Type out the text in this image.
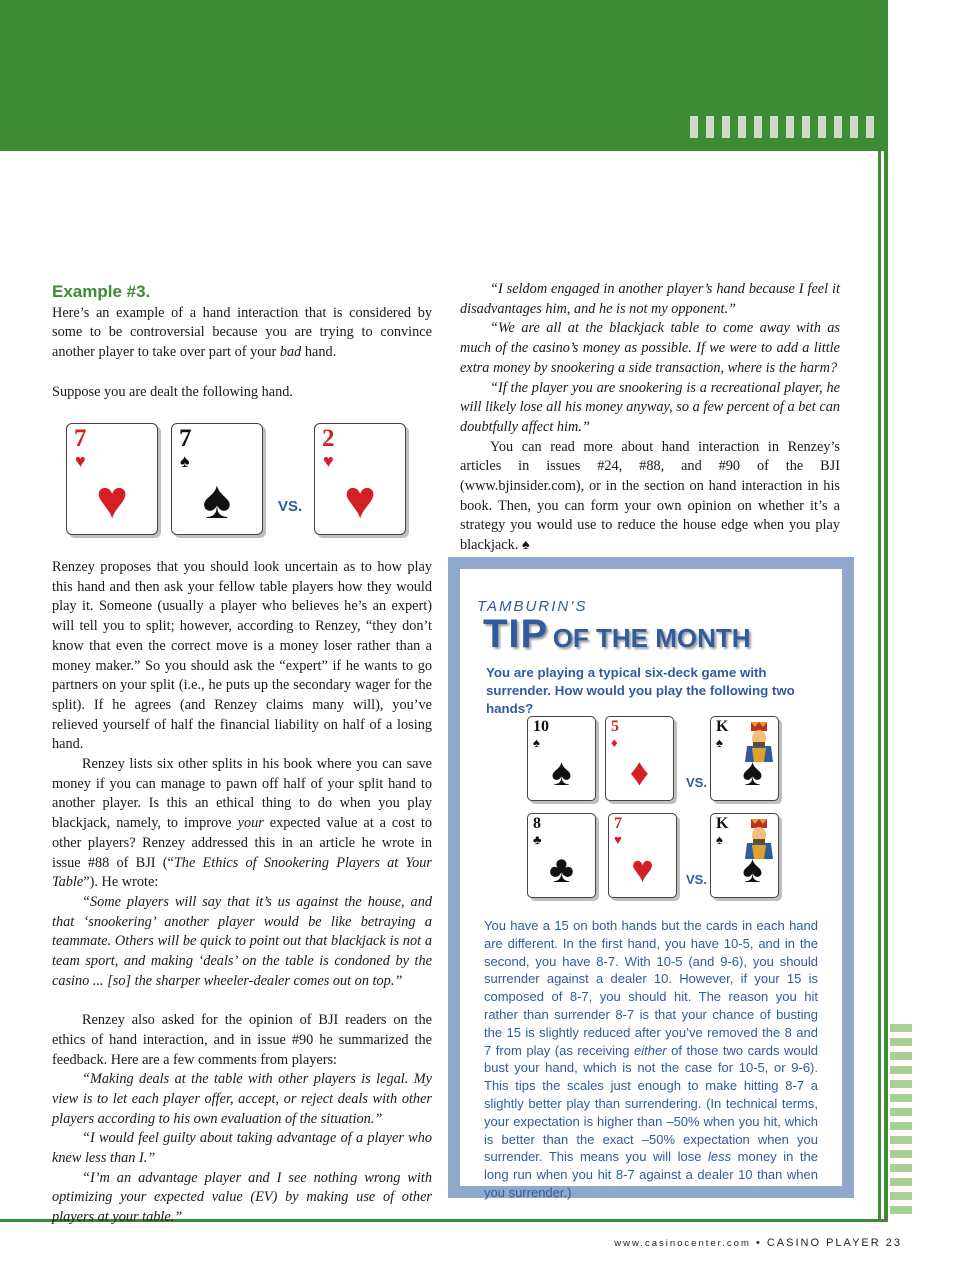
Example #3.

Here’s an example of a hand interaction that is considered by some to be controversial because you are trying to convince another player to take over part of your bad hand.

Suppose you are dealt the following hand.

7
♥
♥
7
♠
♠	VS.
2
♥
♥

Renzey proposes that you should look uncertain as to how play this hand and then ask your fellow table players how they would play it. Someone (usually a player who believes he’s an expert) will tell you to split; however, according to Renzey, “they don’t know that even the correct move is a money loser rather than a money maker.” So you should ask the “expert” if he wants to go partners on your split (i.e., he puts up the secondary wager for the split). If he agrees (and Renzey claims many will), you’ve relieved yourself of half the financial liability on half of a losing hand.

Renzey lists six other splits in his book where you can save money if you can manage to pawn off half of your split hand to another player. Is this an ethical thing to do when you play blackjack, namely, to improve your expected value at a cost to other players? Renzey addressed this in an article he wrote in issue #88 of BJI (“The Ethics of Snookering Players at Your Table”). He wrote:

“Some players will say that it’s us against the house, and that ‘snookering’ another player would be like betraying a teammate. Others will be quick to point out that blackjack is not a team sport, and making ‘deals’ on the table is condoned by the casino ... [so] the sharper wheeler-dealer comes out on top.”

Renzey also asked for the opinion of BJI readers on the ethics of hand interaction, and in issue #90 he summarized the feedback. Here are a few comments from players:

“Making deals at the table with other players is legal. My view is to let each player offer, accept, or reject deals with other players according to his own evaluation of the situation.”

“I would feel guilty about taking advantage of a player who knew less than I.”

“I’m an advantage player and I see nothing wrong with optimizing your expected value (EV) by making use of other players at your table.”

“I seldom engaged in another player’s hand because I feel it disadvantages him, and he is not my opponent.”

“We are all at the blackjack table to come away with as much of the casino’s money as possible. If we were to add a little extra money by snookering a side transaction, where is the harm?

“If the player you are snookering is a recreational player, he will likely lose all his money anyway, so a few percent of a bet can doubtfully affect him.”

You can read more about hand interaction in Renzey’s articles in issues #24, #88, and #90 of the BJI (www.bjinsider.com), or in the section on hand interaction in his book. Then, you can form your own opinion on whether it’s a strategy you would use to reduce the house edge when you play blackjack. ♠

TAMBURIN’S
TIP OF THE MONTH
You are playing a typical six-deck game with surrender. How would you play the following two hands?
10
♠
♠
5
♦
♦	VS.
K
♠
♠
8
♣
♣
7
♥
♥	VS.
K
♠
♠
You have a 15 on both hands but the cards in each hand are different. In the first hand, you have 10-5, and in the second, you have 8-7. With 10-5 (and 9-6), you should surrender against a dealer 10. However, if your 15 is composed of 8-7, you should hit. The reason you hit rather than surrender 8-7 is that your chance of busting the 15 is slightly reduced after you’ve removed the 8 and 7 from play (as receiving either of those two cards would bust your hand, which is not the case for 10-5, or 9-6). This tips the scales just enough to make hitting 8-7 a slightly better play than surrendering. (In technical terms, your expectation is higher than –50% when you hit, which is better than the exact –50% expectation when you surrender. This means you will lose less money in the long run when you hit 8-7 against a dealer 10 than when you surrender.)
www.casinocenter.com • CASINO PLAYER 23
